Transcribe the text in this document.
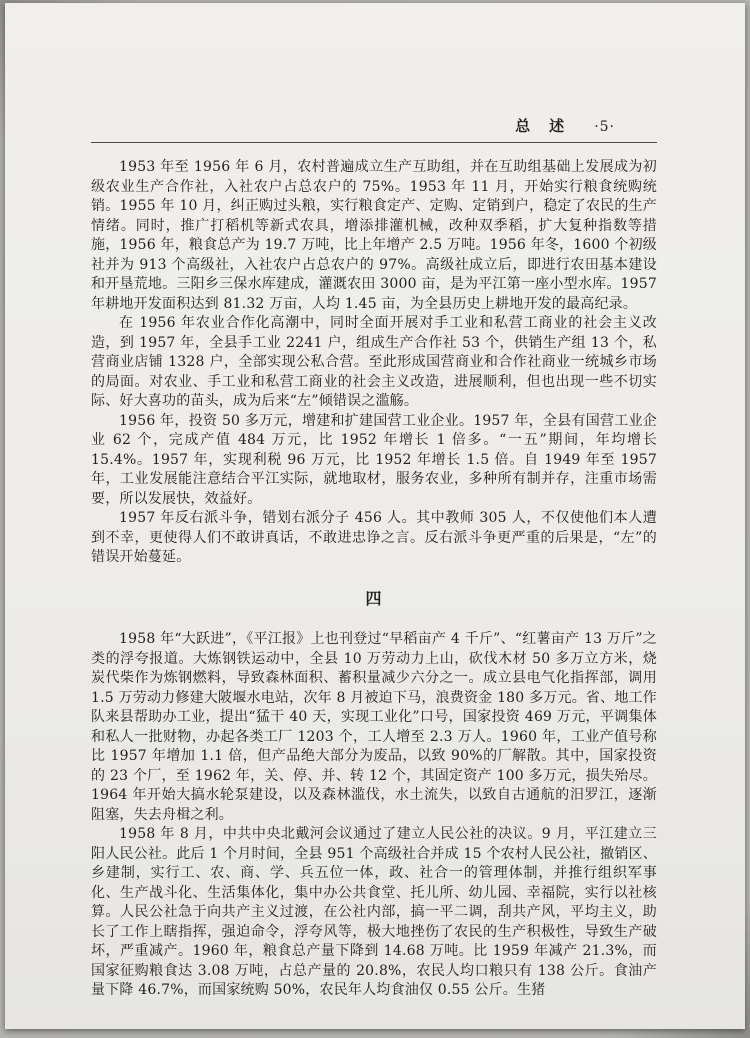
总　述 ·5·

1953 年至 1956 年 6 月，农村普遍成立生产互助组，并在互助组基础上发展成为初级农业生产合作社，入社农户占总农户的 75%。1953 年 11 月，开始实行粮食统购统销。1955 年 10 月，纠正购过头粮，实行粮食定产、定购、定销到户，稳定了农民的生产情绪。同时，推广打稻机等新式农具，增添排灌机械，改种双季稻，扩大复种指数等措施，1956 年，粮食总产为 19.7 万吨，比上年增产 2.5 万吨。1956 年冬，1600 个初级社并为 913 个高级社，入社农户占总农户的 97%。高级社成立后，即进行农田基本建设和开垦荒地。三阳乡三保水库建成，灌溉农田 3000 亩，是为平江第一座小型水库。1957 年耕地开发面积达到 81.32 万亩，人均 1.45 亩，为全县历史上耕地开发的最高纪录。

在 1956 年农业合作化高潮中，同时全面开展对手工业和私营工商业的社会主义改造，到 1957 年，全县手工业 2241 户，组成生产合作社 53 个，供销生产组 13 个，私营商业店铺 1328 户，全部实现公私合营。至此形成国营商业和合作社商业一统城乡市场的局面。对农业、手工业和私营工商业的社会主义改造，进展顺利，但也出现一些不切实际、好大喜功的苗头，成为后来“左”倾错误之滥觞。

1956 年，投资 50 多万元，增建和扩建国营工业企业。1957 年，全县有国营工业企业 62 个，完成产值 484 万元，比 1952 年增长 1 倍多。“一五”期间，年均增长 15.4%。1957 年，实现利税 96 万元，比 1952 年增长 1.5 倍。自 1949 年至 1957 年，工业发展能注意结合平江实际，就地取材，服务农业，多种所有制并存，注重市场需要，所以发展快，效益好。

1957 年反右派斗争，错划右派分子 456 人。其中教师 305 人，不仅使他们本人遭到不幸，更使得人们不敢讲真话，不敢进忠诤之言。反右派斗争更严重的后果是，“左”的错误开始蔓延。

四

1958 年“大跃进”，《平江报》上也刊登过“早稻亩产 4 千斤”、“红薯亩产 13 万斤”之类的浮夸报道。大炼钢铁运动中，全县 10 万劳动力上山，砍伐木材 50 多万立方米，烧炭代柴作为炼钢燃料，导致森林面积、蓄积量减少六分之一。成立县电气化指挥部，调用 1.5 万劳动力修建大陂堰水电站，次年 8 月被迫下马，浪费资金 180 多万元。省、地工作队来县帮助办工业，提出“猛干 40 天，实现工业化”口号，国家投资 469 万元，平调集体和私人一批财物，办起各类工厂 1203 个，工人增至 2.3 万人。1960 年，工业产值号称比 1957 年增加 1.1 倍，但产品绝大部分为废品，以致 90%的厂解散。其中，国家投资的 23 个厂，至 1962 年，关、停、并、转 12 个，其固定资产 100 多万元，损失殆尽。1964 年开始大搞水轮泵建设，以及森林滥伐，水土流失，以致自古通航的汨罗江，逐渐阻塞，失去舟楫之利。

1958 年 8 月，中共中央北戴河会议通过了建立人民公社的决议。9 月，平江建立三阳人民公社。此后 1 个月时间，全县 951 个高级社合并成 15 个农村人民公社，撤销区、乡建制，实行工、农、商、学、兵五位一体，政、社合一的管理体制，并推行组织军事化、生产战斗化、生活集体化，集中办公共食堂、托儿所、幼儿园、幸福院，实行以社核算。人民公社急于向共产主义过渡，在公社内部，搞一平二调，刮共产风，平均主义，助长了工作上瞎指挥，强迫命令，浮夸风等，极大地挫伤了农民的生产积极性，导致生产破坏，严重减产。1960 年，粮食总产量下降到 14.68 万吨。比 1959 年减产 21.3%，而国家征购粮食达 3.08 万吨，占总产量的 20.8%，农民人均口粮只有 138 公斤。食油产量下降 46.7%，而国家统购 50%，农民年人均食油仅 0.55 公斤。生猪
